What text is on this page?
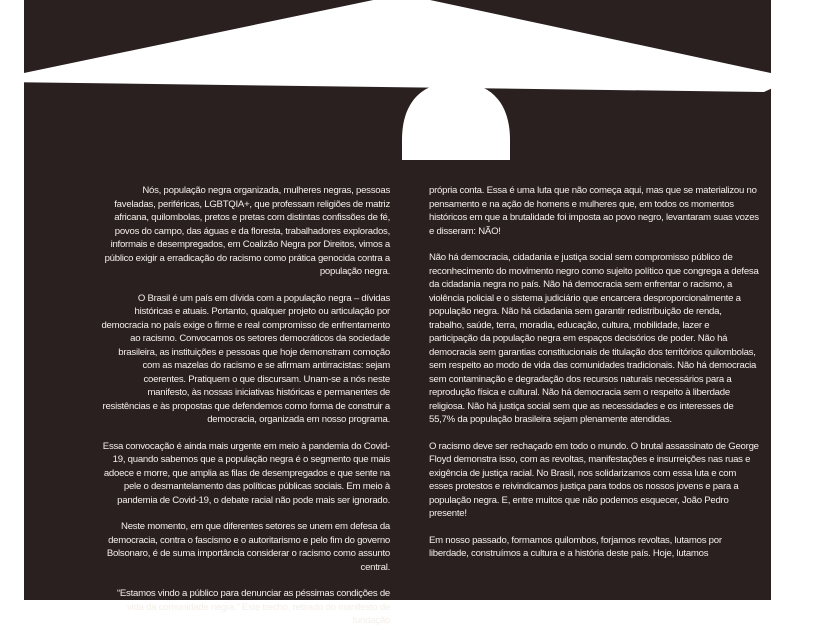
Nós, população negra organizada, mulheres negras, pessoas faveladas, periféricas, LGBTQIA+, que professam religiões de matriz africana, quilombolas, pretos e pretas com distintas confissões de fé, povos do campo, das águas e da floresta, trabalhadores explorados, informais e desempregados, em Coalizão Negra por Direitos, vimos a público exigir a erradicação do racismo como prática genocida contra a população negra.

O Brasil é um país em dívida com a população negra – dívidas históricas e atuais. Portanto, qualquer projeto ou articulação por democracia no país exige o firme e real compromisso de enfrentamento ao racismo. Convocamos os setores democráticos da sociedade brasileira, as instituições e pessoas que hoje demonstram comoção com as mazelas do racismo e se afirmam antirracistas: sejam coerentes. Pratiquem o que discursam. Unam-se a nós neste manifesto, às nossas iniciativas históricas e permanentes de resistências e às propostas que defendemos como forma de construir a democracia, organizada em nosso programa.

Essa convocação é ainda mais urgente em meio à pandemia do Covid-19, quando sabemos que a população negra é o segmento que mais adoece e morre, que amplia as filas de desempregados e que sente na pele o desmantelamento das políticas públicas sociais. Em meio à pandemia de Covid-19, o debate racial não pode mais ser ignorado.

Neste momento, em que diferentes setores se unem em defesa da democracia, contra o fascismo e o autoritarismo e pelo fim do governo Bolsonaro, é de suma importância considerar o racismo como assunto central.

“Estamos vindo a público para denunciar as péssimas condições de vida da comunidade negra.” Este trecho, retirado do manifesto de fundação

própria conta. Essa é uma luta que não começa aqui, mas que se materializou no pensamento e na ação de homens e mulheres que, em todos os momentos históricos em que a brutalidade foi imposta ao povo negro, levantaram suas vozes e disseram: NÃO!

Não há democracia, cidadania e justiça social sem compromisso público de reconhecimento do movimento negro como sujeito político que congrega a defesa da cidadania negra no país. Não há democracia sem enfrentar o racismo, a violência policial e o sistema judiciário que encarcera desproporcionalmente a população negra. Não há cidadania sem garantir redistribuição de renda, trabalho, saúde, terra, moradia, educação, cultura, mobilidade, lazer e participação da população negra em espaços decisórios de poder. Não há democracia sem garantias constitucionais de titulação dos territórios quilombolas, sem respeito ao modo de vida das comunidades tradicionais. Não há democracia sem contaminação e degradação dos recursos naturais necessários para a reprodução física e cultural. Não há democracia sem o respeito à liberdade religiosa. Não há justiça social sem que as necessidades e os interesses de 55,7% da população brasileira sejam plenamente atendidas.

O racismo deve ser rechaçado em todo o mundo. O brutal assassinato de George Floyd demonstra isso, com as revoltas, manifestações e insurreições nas ruas e exigência de justiça racial. No Brasil, nos solidarizamos com essa luta e com esses protestos e reivindicamos justiça para todos os nossos jovens e para a população negra. E, entre muitos que não podemos esquecer, João Pedro presente!

Em nosso passado, formamos quilombos, forjamos revoltas, lutamos por liberdade, construímos a cultura e a história deste país. Hoje, lutamos
